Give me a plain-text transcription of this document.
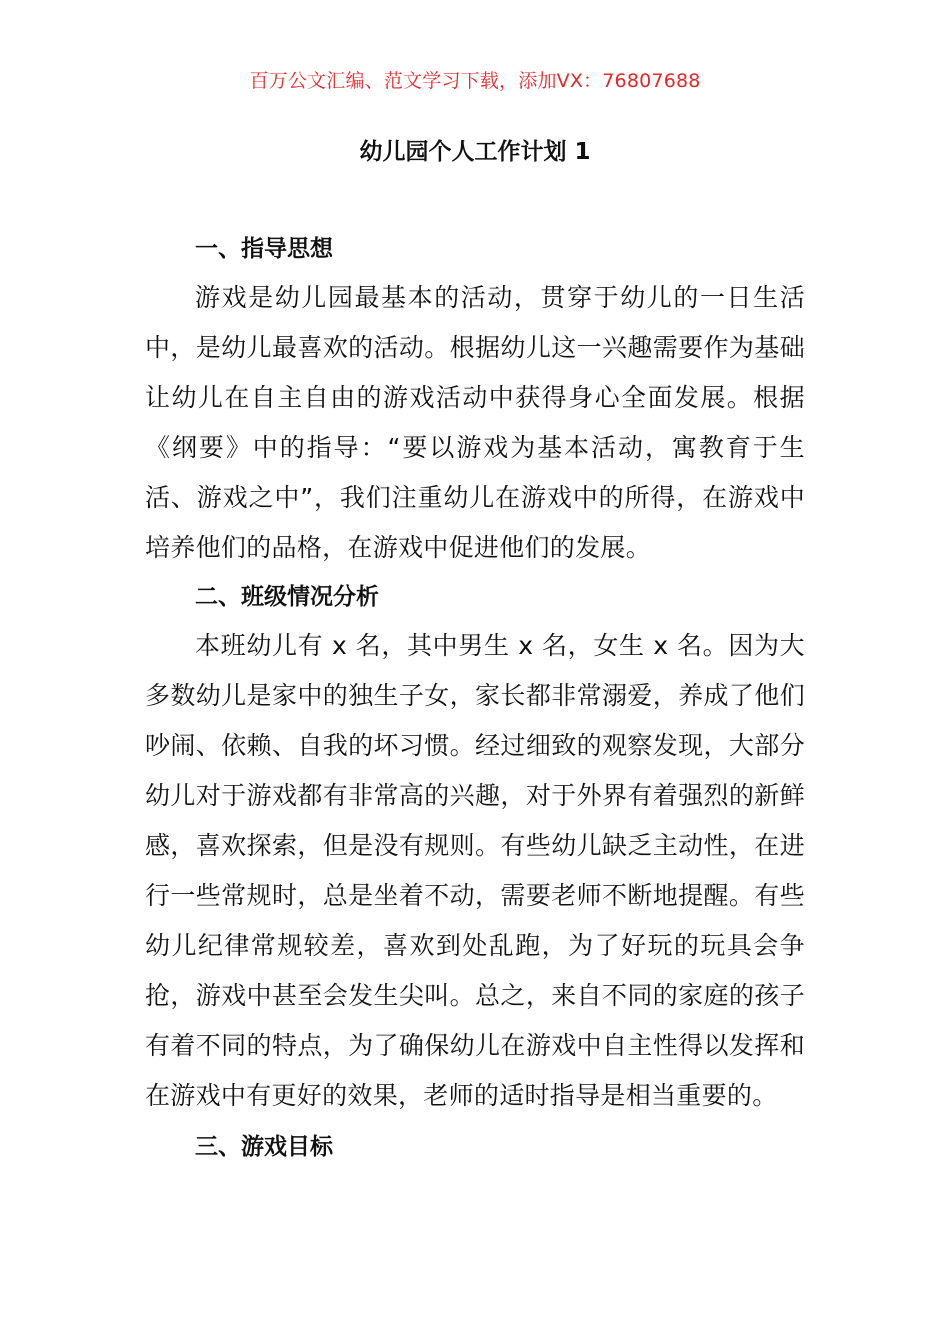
百万公文汇编、范文学习下载，添加VX：76807688
幼儿园个人工作计划 1
一、指导思想

游戏是幼儿园最基本的活动，贯穿于幼儿的一日生活中，是幼儿最喜欢的活动。根据幼儿这一兴趣需要作为基础让幼儿在自主自由的游戏活动中获得身心全面发展。根据《纲要》中的指导：“要以游戏为基本活动，寓教育于生活、游戏之中”，我们注重幼儿在游戏中的所得，在游戏中培养他们的品格，在游戏中促进他们的发展。

二、班级情况分析

本班幼儿有 x 名，其中男生 x 名，女生 x 名。因为大多数幼儿是家中的独生子女，家长都非常溺爱，养成了他们吵闹、依赖、自我的坏习惯。经过细致的观察发现，大部分幼儿对于游戏都有非常高的兴趣，对于外界有着强烈的新鲜感，喜欢探索，但是没有规则。有些幼儿缺乏主动性，在进行一些常规时，总是坐着不动，需要老师不断地提醒。有些幼儿纪律常规较差，喜欢到处乱跑，为了好玩的玩具会争抢，游戏中甚至会发生尖叫。总之，来自不同的家庭的孩子有着不同的特点，为了确保幼儿在游戏中自主性得以发挥和在游戏中有更好的效果，老师的适时指导是相当重要的。

三、游戏目标
